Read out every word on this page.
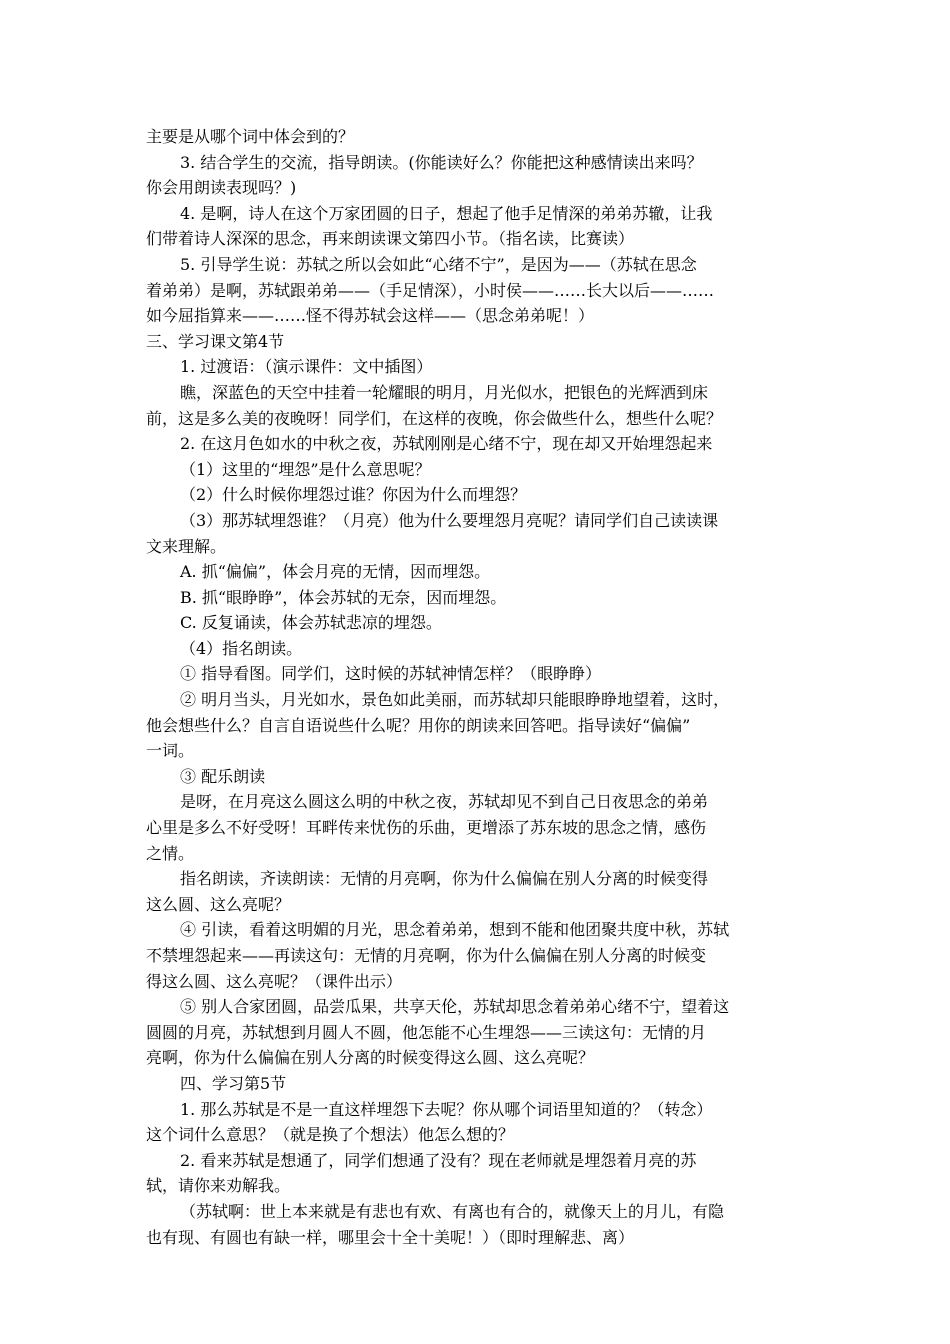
主要是从哪个词中体会到的？
3. 结合学生的交流，指导朗读。(你能读好么？你能把这种感情读出来吗？
你会用朗读表现吗？)
4. 是啊，诗人在这个万家团圆的日子，想起了他手足情深的弟弟苏辙，让我
们带着诗人深深的思念，再来朗读课文第四小节。（指名读，比赛读）
5. 引导学生说：苏轼之所以会如此“心绪不宁”，是因为——（苏轼在思念
着弟弟）是啊，苏轼跟弟弟——（手足情深），小时侯——……长大以后——……
如今屈指算来——……怪不得苏轼会这样——（思念弟弟呢！）
三、学习课文第4节
1. 过渡语：（演示课件：文中插图）
瞧，深蓝色的天空中挂着一轮耀眼的明月，月光似水，把银色的光辉洒到床
前，这是多么美的夜晚呀！同学们，在这样的夜晚，你会做些什么，想些什么呢？
2. 在这月色如水的中秋之夜，苏轼刚刚是心绪不宁，现在却又开始埋怨起来
（1）这里的“埋怨”是什么意思呢？
（2）什么时候你埋怨过谁？你因为什么而埋怨？
（3）那苏轼埋怨谁？（月亮）他为什么要埋怨月亮呢？请同学们自己读读课
文来理解。
A. 抓“偏偏”，体会月亮的无情，因而埋怨。
B. 抓“眼睁睁”，体会苏轼的无奈，因而埋怨。
C. 反复诵读，体会苏轼悲凉的埋怨。
（4）指名朗读。
① 指导看图。同学们，这时候的苏轼神情怎样？（眼睁睁）
② 明月当头，月光如水，景色如此美丽，而苏轼却只能眼睁睁地望着，这时，
他会想些什么？自言自语说些什么呢？用你的朗读来回答吧。指导读好“偏偏”
一词。
③ 配乐朗读
是呀，在月亮这么圆这么明的中秋之夜，苏轼却见不到自己日夜思念的弟弟
心里是多么不好受呀！耳畔传来忧伤的乐曲，更增添了苏东坡的思念之情，感伤
之情。
指名朗读，齐读朗读：无情的月亮啊，你为什么偏偏在别人分离的时候变得
这么圆、这么亮呢？
④ 引读，看着这明媚的月光，思念着弟弟，想到不能和他团聚共度中秋，苏轼
不禁埋怨起来——再读这句：无情的月亮啊，你为什么偏偏在别人分离的时候变
得这么圆、这么亮呢？（课件出示）
⑤ 别人合家团圆，品尝瓜果，共享天伦，苏轼却思念着弟弟心绪不宁，望着这
圆圆的月亮，苏轼想到月圆人不圆，他怎能不心生埋怨——三读这句：无情的月
亮啊，你为什么偏偏在别人分离的时候变得这么圆、这么亮呢？
四、学习第5节
1. 那么苏轼是不是一直这样埋怨下去呢？你从哪个词语里知道的？（转念）
这个词什么意思？（就是换了个想法）他怎么想的？
2. 看来苏轼是想通了，同学们想通了没有？现在老师就是埋怨着月亮的苏
轼，请你来劝解我。
（苏轼啊：世上本来就是有悲也有欢、有离也有合的，就像天上的月儿，有隐
也有现、有圆也有缺一样，哪里会十全十美呢！）（即时理解悲、离）
